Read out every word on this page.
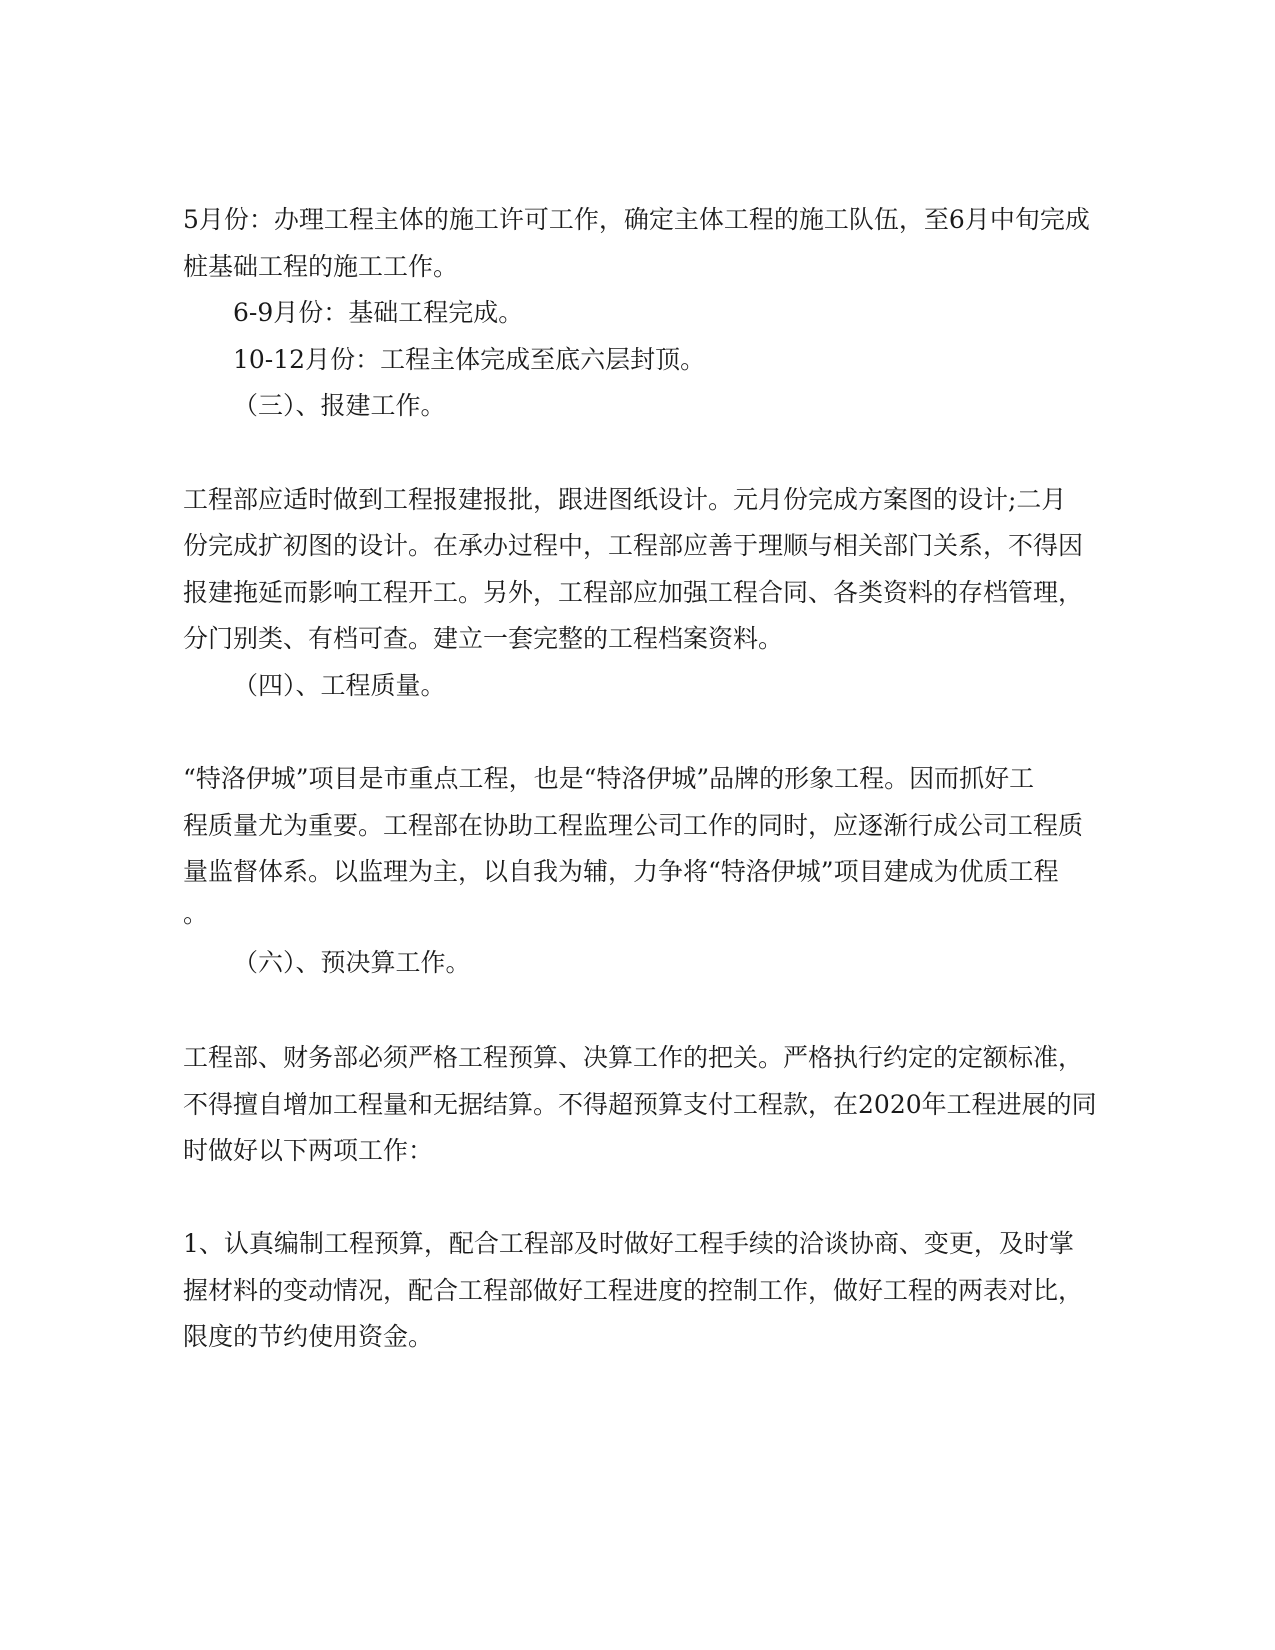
5月份：办理工程主体的施工许可工作，确定主体工程的施工队伍，至6月中旬完成
桩基础工程的施工工作。
6-9月份：基础工程完成。
10-12月份：工程主体完成至底六层封顶。
（三）、报建工作。
工程部应适时做到工程报建报批，跟进图纸设计。元月份完成方案图的设计;二月
份完成扩初图的设计。在承办过程中，工程部应善于理顺与相关部门关系，不得因
报建拖延而影响工程开工。另外，工程部应加强工程合同、各类资料的存档管理，
分门别类、有档可查。建立一套完整的工程档案资料。
（四）、工程质量。
“特洛伊城”项目是市重点工程，也是“特洛伊城”品牌的形象工程。因而抓好工
程质量尤为重要。工程部在协助工程监理公司工作的同时，应逐渐行成公司工程质
量监督体系。以监理为主，以自我为辅，力争将“特洛伊城”项目建成为优质工程
。
（六）、预决算工作。
工程部、财务部必须严格工程预算、决算工作的把关。严格执行约定的定额标准，
不得擅自增加工程量和无据结算。不得超预算支付工程款，在2020年工程进展的同
时做好以下两项工作：
1、认真编制工程预算，配合工程部及时做好工程手续的洽谈协商、变更，及时掌
握材料的变动情况，配合工程部做好工程进度的控制工作，做好工程的两表对比，
限度的节约使用资金。
